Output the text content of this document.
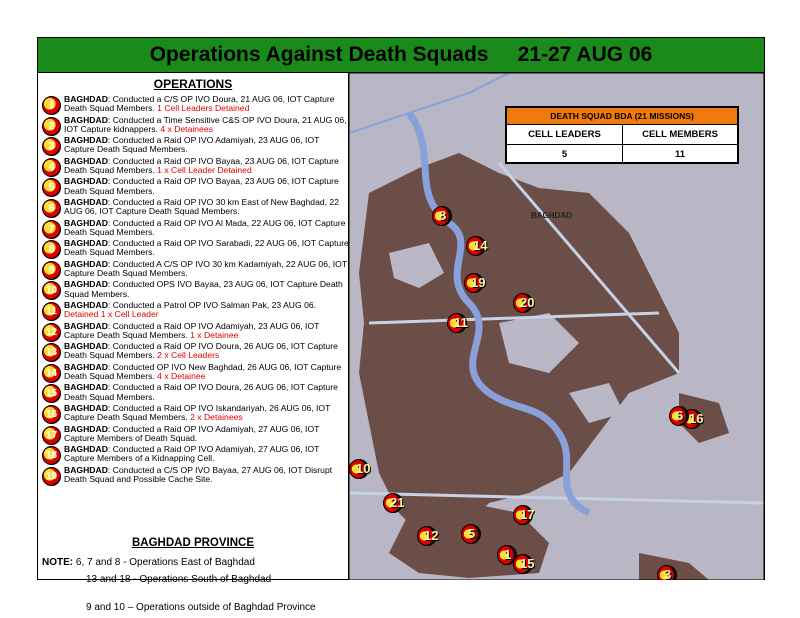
Operations Against Death Squads     21-27 AUG 06
OPERATIONS
1
BAGHDAD: Conducted a C/S OP IVO Doura, 21 AUG 06, IOT Capture Death Squad Members. 1 Cell Leaders Detained
2
BAGHDAD: Conducted a Time Sensitive C&S OP IVO Doura, 21 AUG 06, IOT Capture kidnappers. 4 x Detainees
3
BAGHDAD: Conducted a Raid OP IVO Adamiyah, 23 AUG 06, IOT Capture Death Squad Members.
4
BAGHDAD: Conducted a Raid OP IVO Bayaa, 23 AUG 06, IOT Capture Death Squad Members. 1 x Cell Leader Detained
5
BAGHDAD: Conducted a Raid OP IVO Bayaa, 23 AUG 06, IOT Capture Death Squad Members.
6
BAGHDAD: Conducted a Raid OP IVO 30 km East of New Baghdad, 22 AUG 06, IOT Capture Death Squad Members.
7
BAGHDAD: Conducted a Raid OP IVO Al Mada, 22 AUG 06, IOT Capture Death Squad Members.
8
BAGHDAD: Conducted a Raid OP IVO Sarabadi, 22 AUG 06, IOT Capture Death Squad Members.
9
BAGHDAD: Conducted A C/S OP IVO 30 km Kadamiyah, 22 AUG 06, IOT Capture Death Squad Members.
10
BAGHDAD: Conducted OPS IVO Bayaa, 23 AUG 06, IOT Capture Death Squad Members.
11
BAGHDAD: Conducted a Patrol OP IVO Salman Pak, 23 AUG 06. Detained 1 x Cell Leader
12
BAGHDAD: Conducted a Raid OP IVO Adamiyah, 23 AUG 06, IOT Capture Death Squad Members. 1 x Detainee
13
BAGHDAD: Conducted a Raid OP IVO Doura, 26 AUG 06, IOT Capture Death Squad Members. 2 x Cell Leaders
14
BAGHDAD: Conducted OP IVO New Baghdad, 26 AUG 06, IOT Capture Death Squad Members. 4 x Detainee
15
BAGHDAD: Conducted a Raid OP IVO Doura, 26 AUG 06, IOT Capture Death Squad Members.
16
BAGHDAD: Conducted a Raid OP IVO Iskandariyah, 26 AUG 06, IOT Capture Death Squad Members. 2 x Detainees
17
BAGHDAD: Conducted a Raid OP IVO Adamiyah, 27 AUG 06, IOT Capture Members of Death Squad.
18
BAGHDAD: Conducted a Raid OP IVO Adamiyah, 27 AUG 06, IOT Capture Members of a Kidnapping Cell.
19
BAGHDAD: Conducted a C/S OP IVO Bayaa, 27 AUG 06, IOT Disrupt Death Squad and Possible Cache Site.
BAGHDAD PROVINCE
NOTE: 6, 7 and 8 - Operations East of Baghdad
13 and 18 - Operations South of Baghdad
9 and 10 – Operations outside of Baghdad Province
BAGHDAD
DEATH SQUAD BDA (21 MISSIONS)
CELL LEADERS	CELL MEMBERS
5	11
8
14
19
20
11
16
10
21
17
12 5
1
15
3
6
